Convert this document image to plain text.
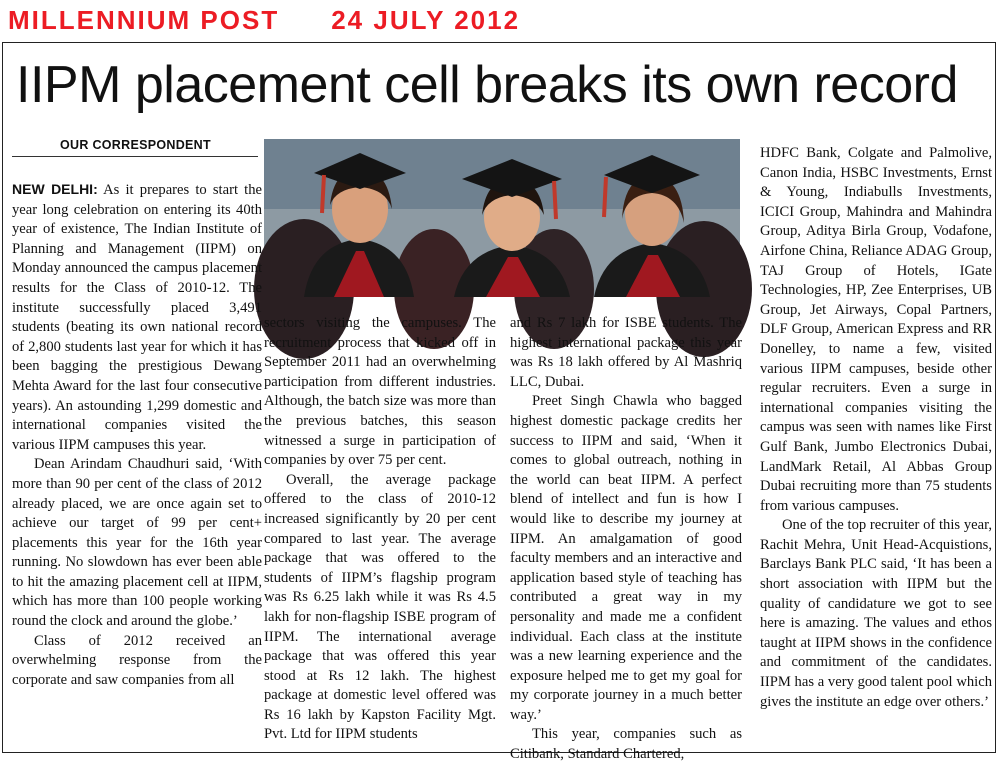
MILLENNIUM POST 24 JULY 2012
IIPM placement cell breaks its own record
OUR CORRESPONDENT

NEW DELHI: As it prepares to start the year long celebration on entering its 40th year of existence, The Indian Institute of Planning and Management (IIPM) on Monday announced the campus placement results for the Class of 2010-12. The institute successfully placed 3,491 students (beating its own national record of 2,800 students last year for which it has been bagging the prestigious Dewang Mehta Award for the last four consecutive years). An astounding 1,299 domestic and international companies visited the various IIPM campuses this year.

Dean Arindam Chaudhuri said, ‘With more than 90 per cent of the class of 2012 already placed, we are once again set to achieve our target of 99 per cent+ placements this year for the 16th year running. No slowdown has ever been able to hit the amazing placement cell at IIPM, which has more than 100 people working round the clock and around the globe.’

Class of 2012 received an overwhelming response from the corporate and saw companies from all

sectors visiting the campuses. The recruitment process that kicked off in September 2011 had an overwhelming participation from different industries. Although, the batch size was more than the previous batches, this season witnessed a surge in participation of companies by over 75 per cent.

Overall, the average package offered to the class of 2010-12 increased significantly by 20 per cent compared to last year. The average package that was offered to the students of IIPM’s flagship program was Rs 6.25 lakh while it was Rs 4.5 lakh for non-flagship ISBE program of IIPM. The international average package that was offered this year stood at Rs 12 lakh. The highest package at domestic level offered was Rs 16 lakh by Kapston Facility Mgt. Pvt. Ltd for IIPM students

and Rs 7 lakh for ISBE students. The highest international package this year was Rs 18 lakh offered by Al Mashriq LLC, Dubai.

Preet Singh Chawla who bagged highest domestic package credits her success to IIPM and said, ‘When it comes to global outreach, nothing in the world can beat IIPM. A perfect blend of intellect and fun is how I would like to describe my journey at IIPM. An amalgamation of good faculty members and an interactive and application based style of teaching has contributed a great way in my personality and made me a confident individual. Each class at the institute was a new learning experience and the exposure helped me to get my goal for my corporate journey in a much better way.’

This year, companies such as Citibank, Standard Chartered,

HDFC Bank, Colgate and Palmolive, Canon India, HSBC Investments, Ernst & Young, Indiabulls Investments, ICICI Group, Mahindra and Mahindra Group, Aditya Birla Group, Vodafone, Airfone China, Reliance ADAG Group, TAJ Group of Hotels, IGate Technologies, HP, Zee Enterprises, UB Group, Jet Airways, Copal Partners, DLF Group, American Express and RR Donelley, to name a few, visited various IIPM campuses, beside other regular recruiters. Even a surge in international companies visiting the campus was seen with names like First Gulf Bank, Jumbo Electronics Dubai, LandMark Retail, Al Abbas Group Dubai recruiting more than 75 students from various campuses.

One of the top recruiter of this year, Rachit Mehra, Unit Head-Acquistions, Barclays Bank PLC said, ‘It has been a short association with IIPM but the quality of candidature we got to see here is amazing. The values and ethos taught at IIPM shows in the confidence and commitment of the candidates. IIPM has a very good talent pool which gives the institute an edge over others.’
